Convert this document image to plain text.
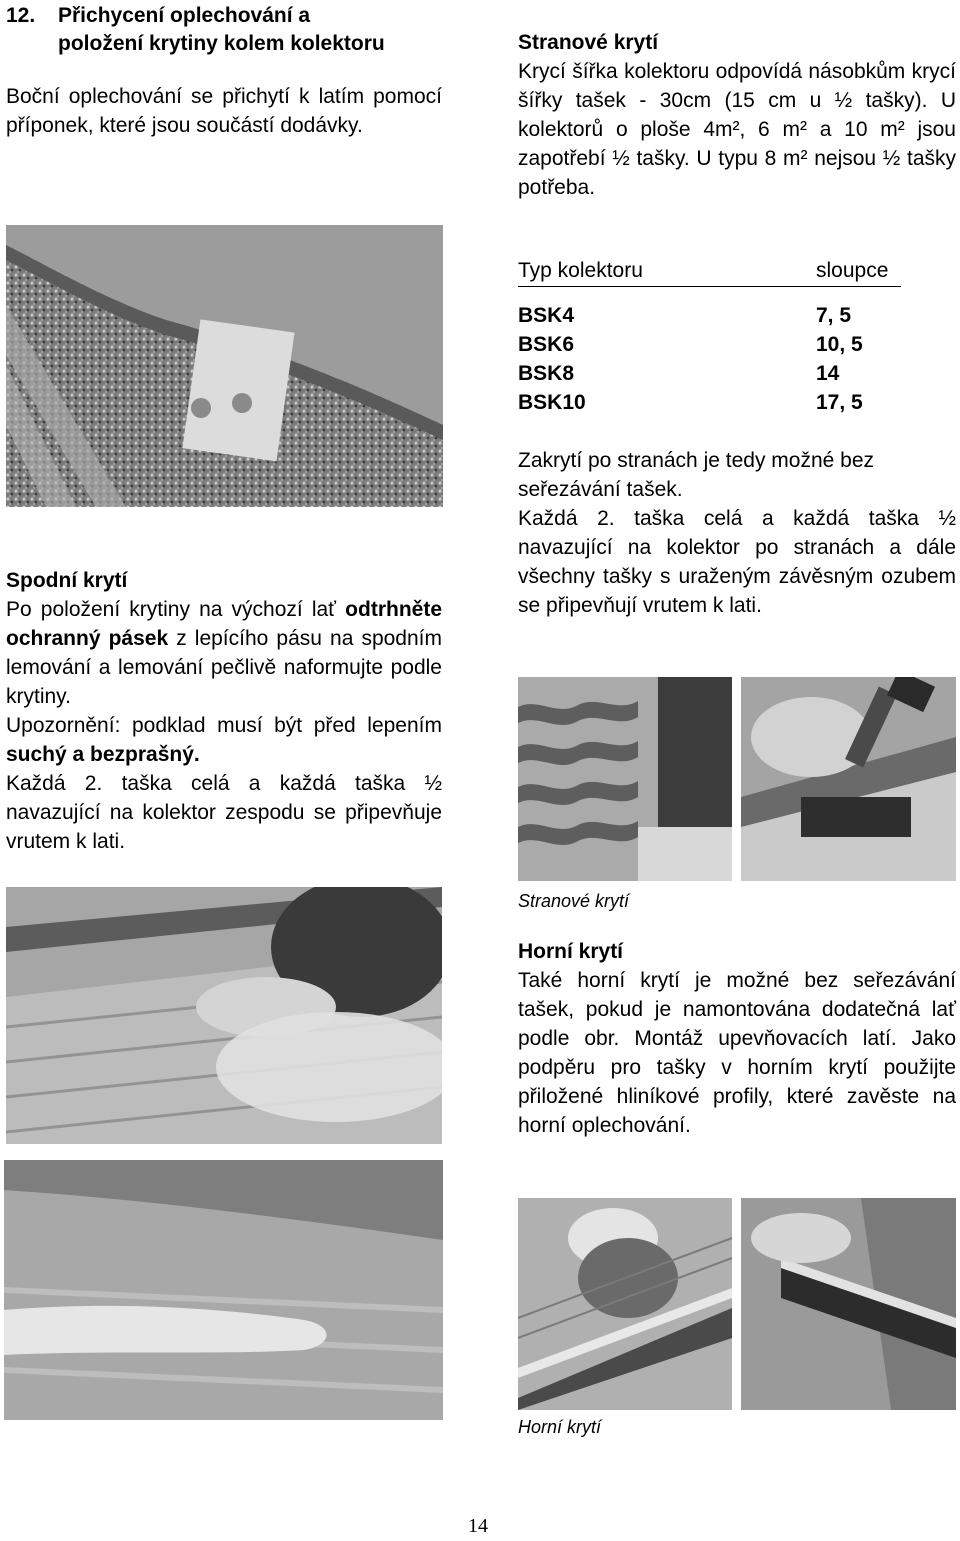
12.	Přichycení oplechování a
položení krytiny kolem kolektoru

Boční oplechování se přichytí k latím pomocí příponek, které jsou součástí dodávky.

Spodní krytí

Po položení krytiny na výchozí lať odtrhněte ochranný pásek z lepícího pásu na spodním lemování a lemování pečlivě naformujte podle krytiny.

Upozornění: podklad musí být před lepením suchý a bezprašný.

Každá 2. taška celá a každá taška ½ navazující na kolektor zespodu se připevňuje vrutem k lati.

Stranové krytí

Krycí šířka kolektoru odpovídá násobkům krycí šířky tašek - 30cm (15 cm u ½ tašky). U kolektorů o ploše 4m², 6 m² a 10 m² jsou zapotřebí ½ tašky. U typu 8 m² nejsou ½ tašky potřeba.

Typ kolektoru	sloupce
BSK4	7, 5
BSK6	10, 5
BSK8	14
BSK10	17, 5

Zakrytí po stranách je tedy možné bez seřezávání tašek.

Každá 2. taška celá a každá taška ½ navazující na kolektor po stranách a dále všechny tašky s uraženým závěsným ozubem se připevňují vrutem k lati.

Stranové krytí

Horní krytí

Také horní krytí je možné bez seřezávání tašek, pokud je namontována dodatečná lať podle obr. Montáž upevňovacích latí. Jako podpěru pro tašky v horním krytí použijte přiložené hliníkové profily, které zavěste na horní oplechování.

Horní krytí

14
